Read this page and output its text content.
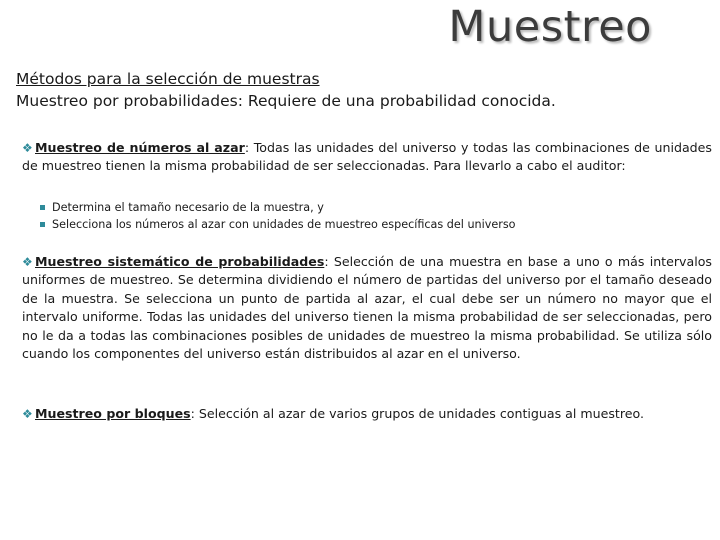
Muestreo
Métodos para la selección de muestras
Muestreo por probabilidades: Requiere de una probabilidad conocida.
❖ Muestreo de números al azar: Todas las unidades del universo y todas las combinaciones de unidades de muestreo tienen la misma probabilidad de ser seleccionadas. Para llevarlo a cabo el auditor:
Determina el tamaño necesario de la muestra, y
Selecciona los números al azar con unidades de muestreo específicas del universo
❖ Muestreo sistemático de probabilidades: Selección de una muestra en base a uno o más intervalos uniformes de muestreo. Se determina dividiendo el número de partidas del universo por el tamaño deseado de la muestra. Se selecciona un punto de partida al azar, el cual debe ser un número no mayor que el intervalo uniforme. Todas las unidades del universo tienen la misma probabilidad de ser seleccionadas, pero no le da a todas las combinaciones posibles de unidades de muestreo la misma probabilidad. Se utiliza sólo cuando los componentes del universo están distribuidos al azar en el universo.
❖ Muestreo por bloques: Selección al azar de varios grupos de unidades contiguas al muestreo.
